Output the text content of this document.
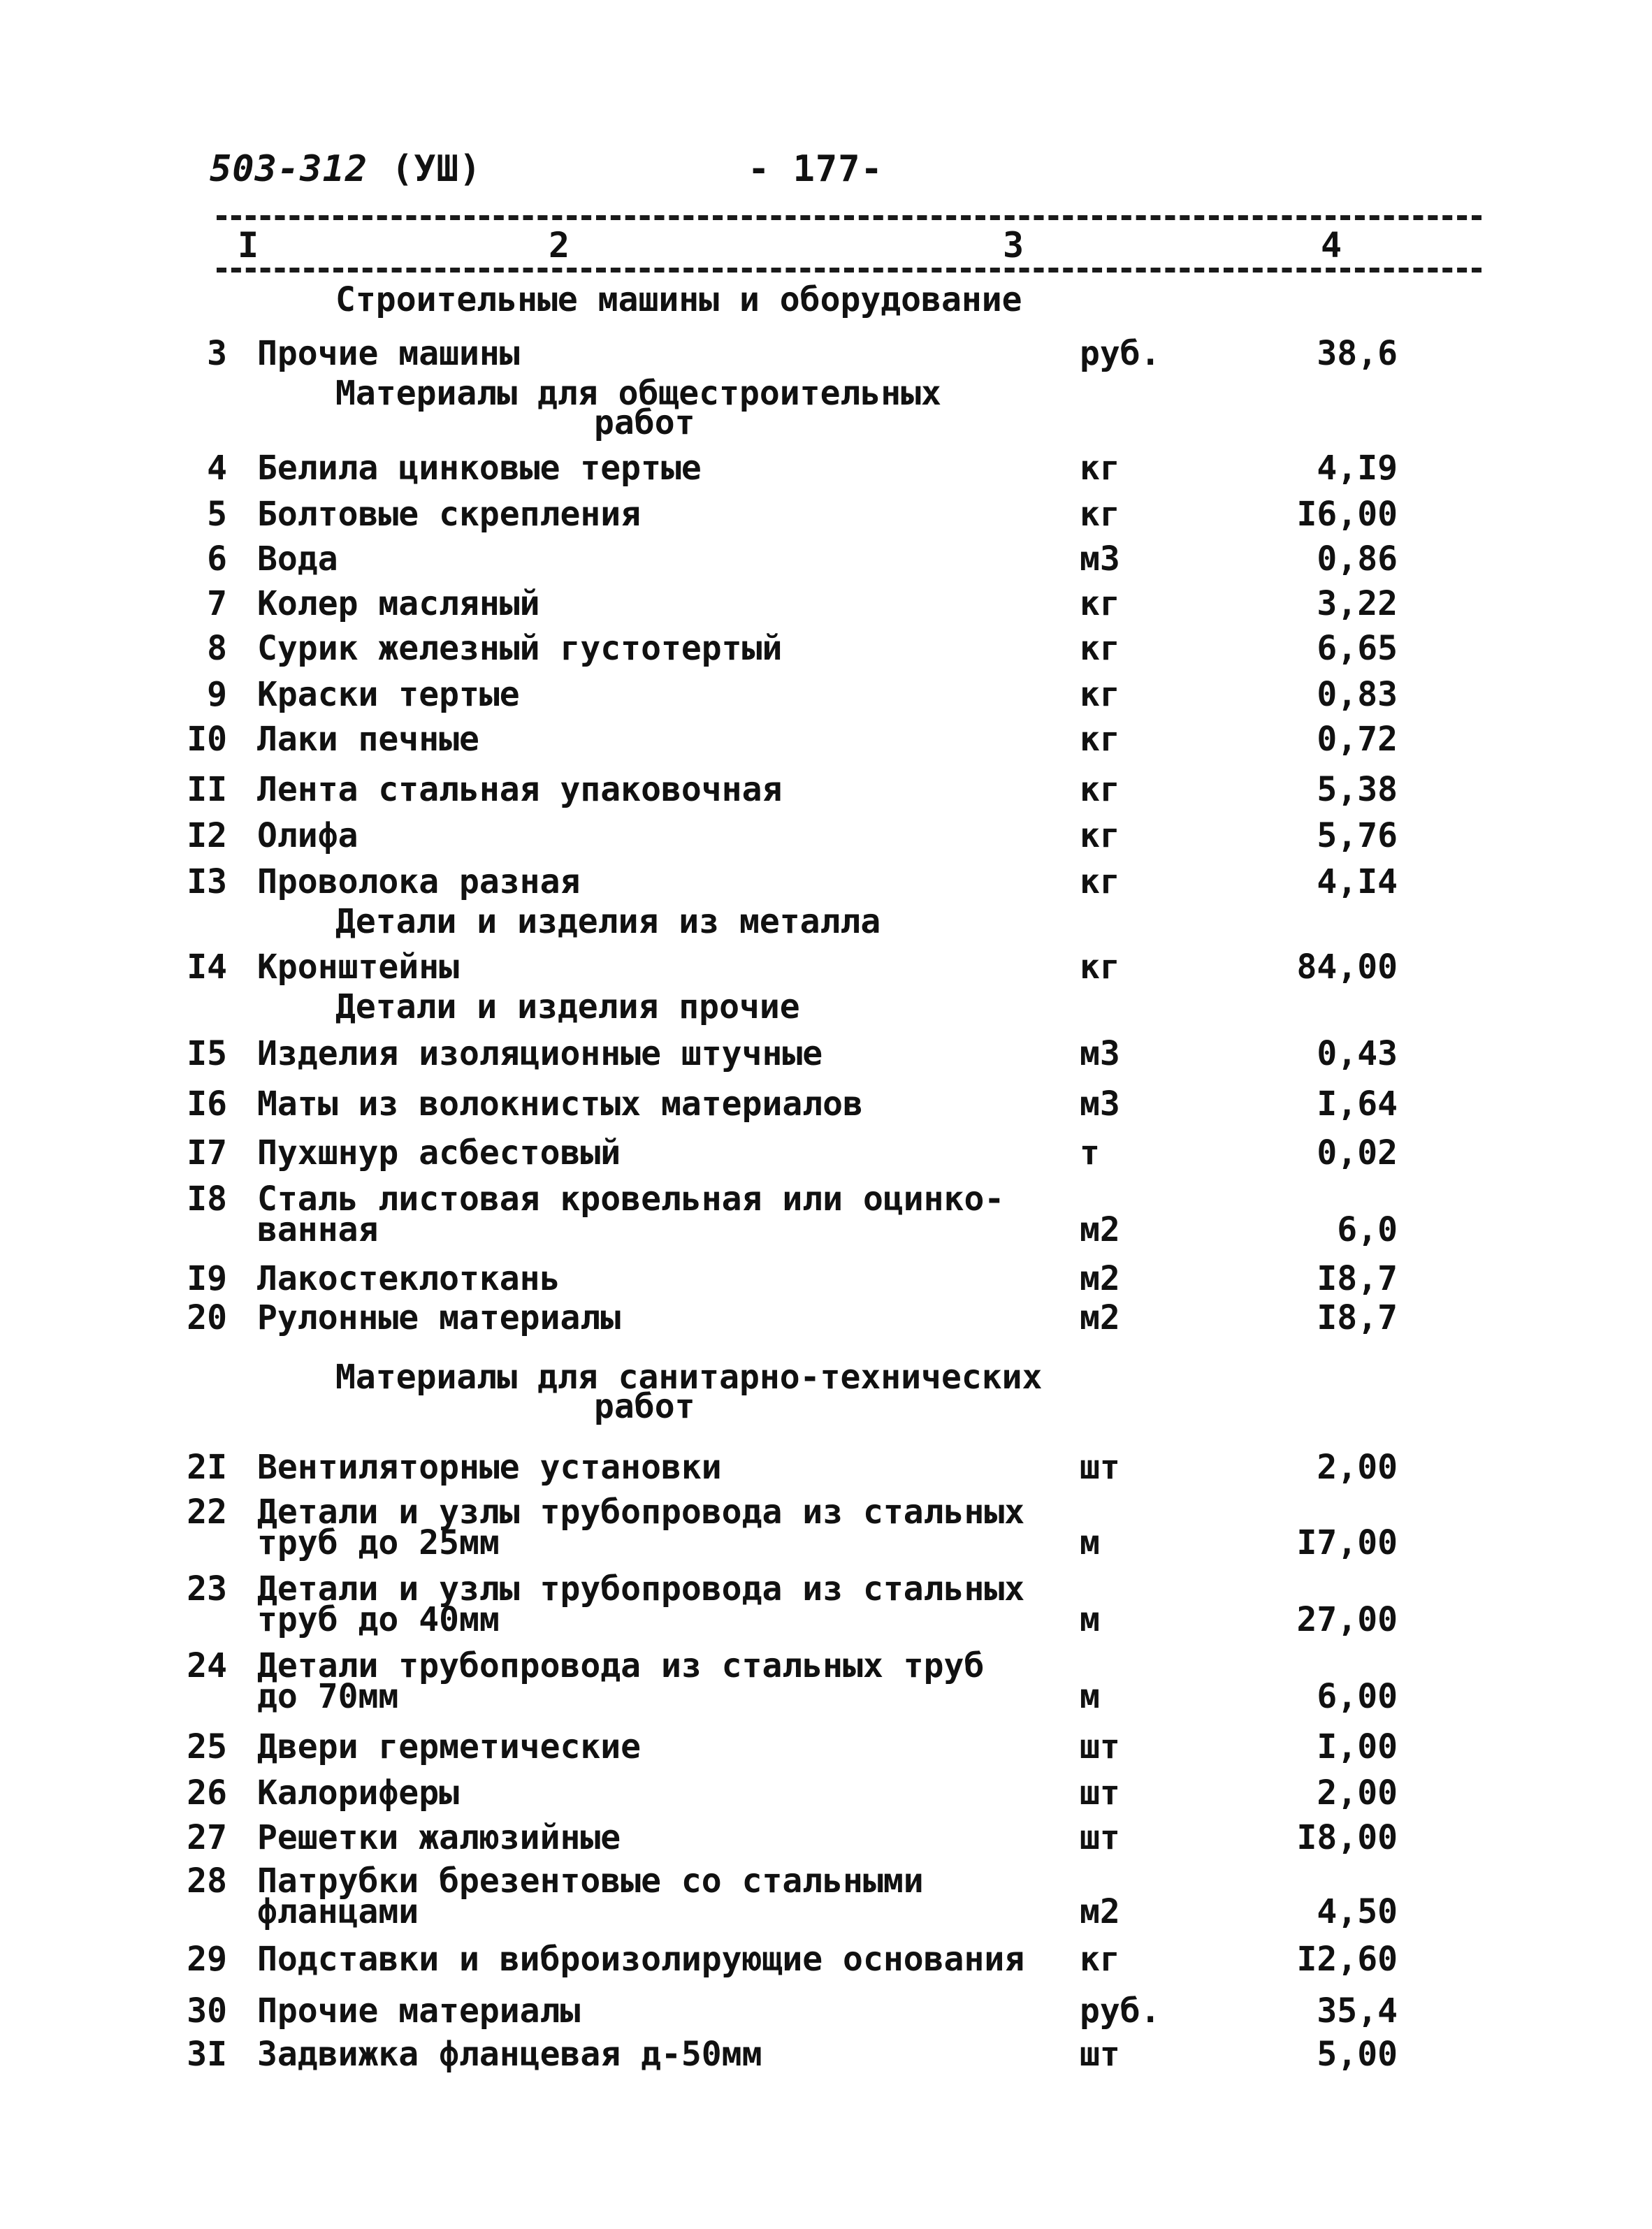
503-312 (УШ)	- 177-
I	2	3	4
Строительные машины и оборудование
Материалы для общестроительных
работ
Детали и изделия из металла
Детали и изделия прочие
Материалы для санитарно-технических
работ
3 Прочие машины	руб.	38,6
4 Белила цинковые тертые	кг	4,I9
5 Болтовые скрепления	кг	I6,00
6 Вода	м3	0,86
7 Колер масляный	кг	3,22
8 Сурик железный густотертый	кг	6,65
9 Краски тертые	кг	0,83
I0 Лаки печные	кг	0,72
II Лента стальная упаковочная	кг	5,38
I2 Олифа	кг	5,76
I3 Проволока разная	кг	4,I4
I4 Кронштейны	кг	84,00
I5 Изделия изоляционные штучные	м3	0,43
I6 Маты из волокнистых материалов	м3	I,64
I7 Пухшнур асбестовый	т	0,02
I8 Сталь листовая кровельная или оцинко-
ванная	м2	6,0
I9 Лакостеклоткань	м2	I8,7
20 Рулонные материалы	м2	I8,7
2I Вентиляторные установки	шт	2,00
22 Детали и узлы трубопровода из стальных
труб до 25мм	м	I7,00
23 Детали и узлы трубопровода из стальных
труб до 40мм	м	27,00
24 Детали трубопровода из стальных труб
до 70мм	м	6,00
25 Двери герметические	шт	I,00
26 Калориферы	шт	2,00
27 Решетки жалюзийные	шт	I8,00
28 Патрубки брезентовые со стальными
фланцами	м2	4,50
29 Подставки и виброизолирующие основания	кг	I2,60
30 Прочие материалы	руб.	35,4
3I Задвижка фланцевая д-50мм	шт	5,00
